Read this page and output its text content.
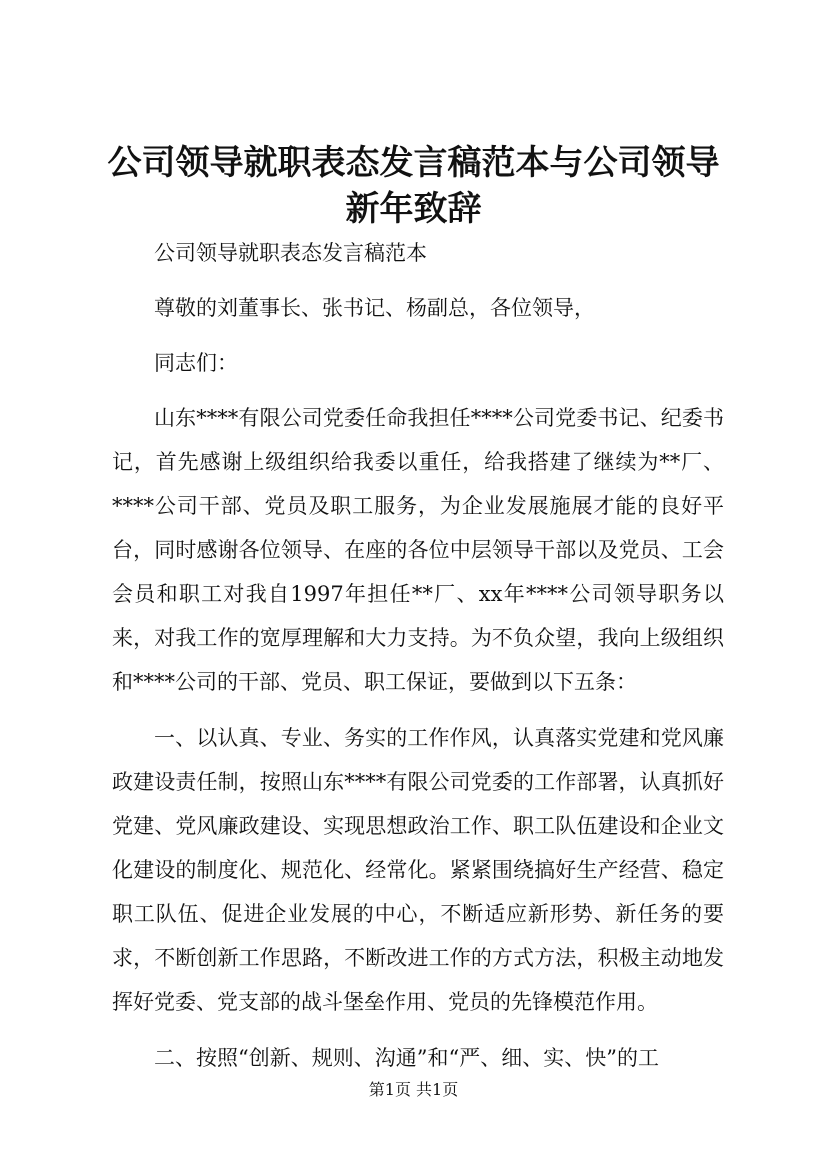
公司领导就职表态发言稿范本与公司领导新年致辞

公司领导就职表态发言稿范本

尊敬的刘董事长、张书记、杨副总，各位领导，

同志们：

山东****有限公司党委任命我担任****公司党委书记、纪委书记，首先感谢上级组织给我委以重任，给我搭建了继续为**厂、****公司干部、党员及职工服务，为企业发展施展才能的良好平台，同时感谢各位领导、在座的各位中层领导干部以及党员、工会会员和职工对我自1997年担任**厂、xx年****公司领导职务以来，对我工作的宽厚理解和大力支持。为不负众望，我向上级组织和****公司的干部、党员、职工保证，要做到以下五条：

一、以认真、专业、务实的工作作风，认真落实党建和党风廉政建设责任制，按照山东****有限公司党委的工作部署，认真抓好党建、党风廉政建设、实现思想政治工作、职工队伍建设和企业文化建设的制度化、规范化、经常化。紧紧围绕搞好生产经营、稳定职工队伍、促进企业发展的中心，不断适应新形势、新任务的要求，不断创新工作思路，不断改进工作的方式方法，积极主动地发挥好党委、党支部的战斗堡垒作用、党员的先锋模范作用。

二、按照“创新、规则、沟通”和“严、细、实、快”的工

第1页 共1页
